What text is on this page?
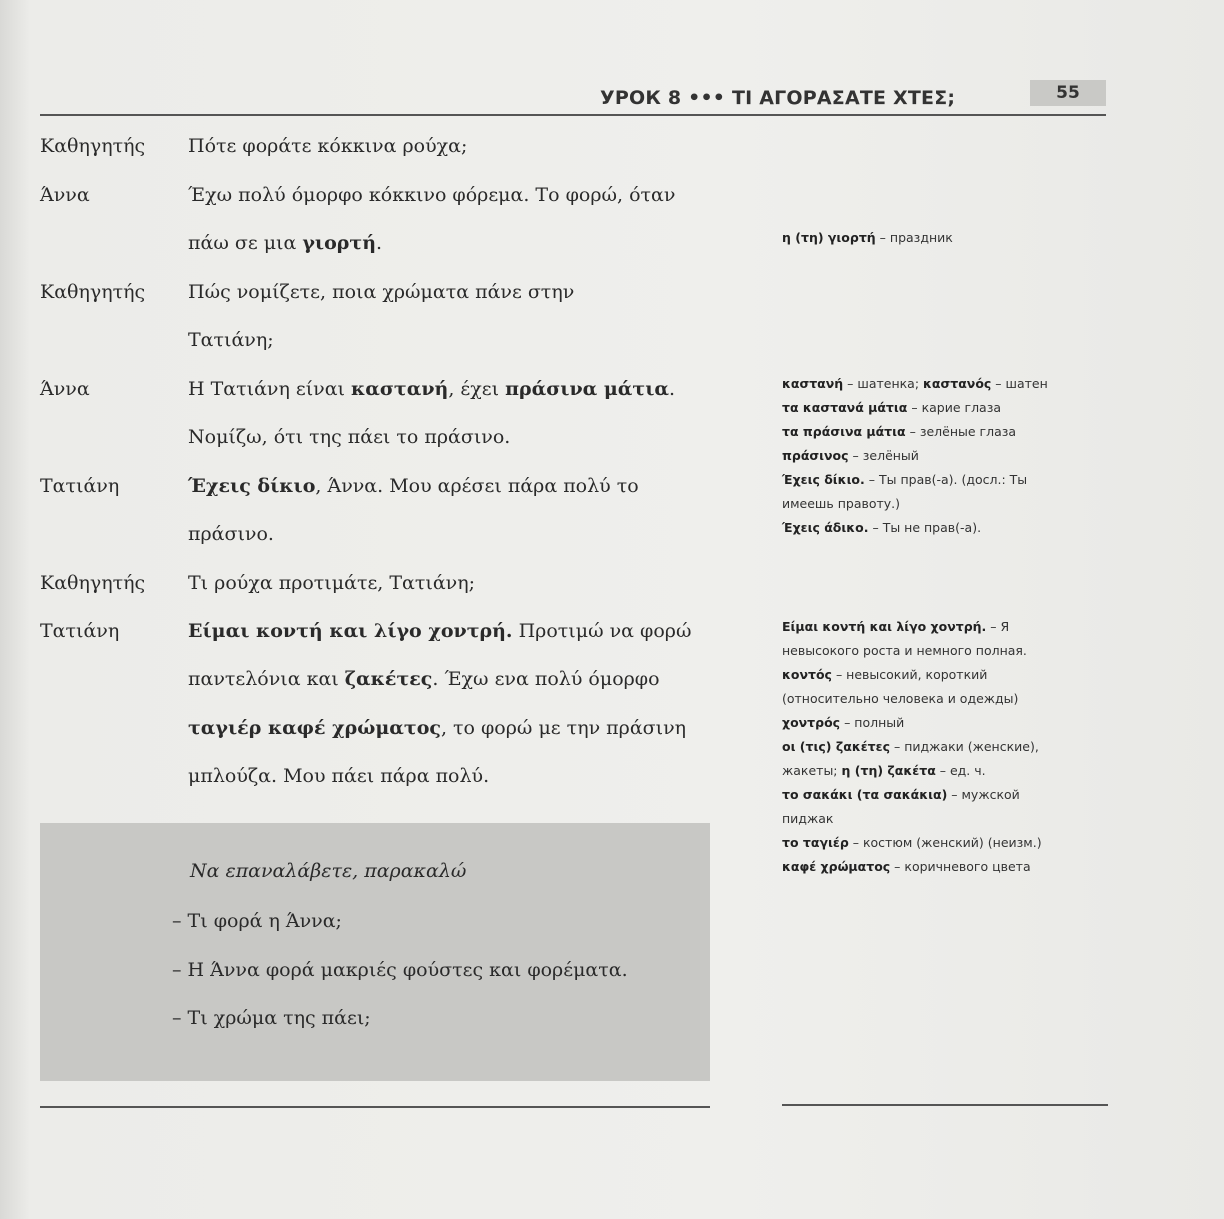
УРОК 8 ••• ΤΙ ΑΓΟΡΑΣΑΤΕ ΧΤΕΣ;	55
Καθηγητής Πότε φοράτε κόκκινα ρούχα;
Άννα	Έχω πολύ όμορφο κόκκινο φόρεμα. Το φορώ, όταν
πάω σε μια γιορτή.
Καθηγητής Πώς νομίζετε, ποια χρώματα πάνε στην
Τατιάνη;
Άννα	Η Τατιάνη είναι καστανή, έχει πράσινα μάτια.
Νομίζω, ότι της πάει το πράσινο.
Τατιάνη	Έχεις δίκιο, Άννα. Μου αρέσει πάρα πολύ το
πράσινο.
Καθηγητής Τι ρούχα προτιμάτε, Τατιάνη;
Τατιάνη	Είμαι κοντή και λίγο χοντρή. Προτιμώ να φορώ
παντελόνια και ζακέτες. Έχω ενα πολύ όμορφο
ταγιέρ καφέ χρώματος, το φορώ με την πράσινη
μπλούζα. Μου πάει πάρα πολύ.

η (τη) γιορτή – праздник

καστανή – шатенка; καστανός – шатен

τα καστανά μάτια – карие глаза

τα πράσινα μάτια – зелёные глаза

πράσινος – зелёный

Έχεις δίκιο. – Ты прав(-а). (досл.: Ты

имеешь правоту.)

Έχεις άδικο. – Ты не прав(-а).

Είμαι κοντή και λίγο χοντρή. – Я

невысокого роста и немного полная.

κοντός – невысокий, короткий

(относительно человека и одежды)

χοντρός – полный

οι (τις) ζακέτες – пиджаки (женские),

жакеты; η (τη) ζακέτα – ед. ч.

το σακάκι (τα σακάκια) – мужской

пиджак

το ταγιέρ – костюм (женский) (неизм.)

καφέ χρώματος – коричневого цвета

Να επαναλάβετε, παρακαλώ
– Τι φορά η Άννα;
– Η Άννα φορά μακριές φούστες και φορέματα.
– Τι χρώμα της πάει;
